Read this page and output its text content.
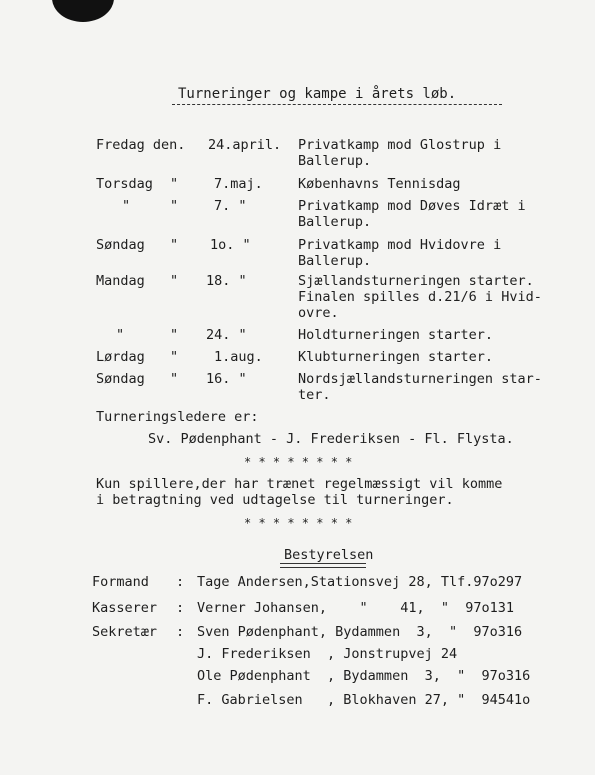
Turneringer og kampe i årets løb.
Fredag den. 24.april. Privatkamp mod Glostrup i
Ballerup.
Torsdag "	7.maj.	Københavns Tennisdag
"	"	7. "	Privatkamp mod Døves Idræt i
Ballerup.
Søndag " 1o. "	Privatkamp mod Hvidovre i
Ballerup.
Mandag " 18. "	Sjællandsturneringen starter.
Finalen spilles d.21/6 i Hvid-
ovre.
"	" 24. "	Holdturneringen starter.
Lørdag "	1.aug.	Klubturneringen starter.
Søndag " 16. "	Nordsjællandsturneringen star-
ter.
Turneringsledere er:
Sv. Pødenphant - J. Frederiksen - Fl. Flysta.
* * * * * * * *
Kun spillere,der har trænet regelmæssigt vil komme
i betragtning ved udtagelse til turneringer.
* * * * * * * *
Bestyrelsen
Formand : Tage Andersen,Stationsvej 28, Tlf.97o297
Kasserer : Verner Johansen,    "    41,  "  97o131
Sekretær : Sven Pødenphant, Bydammen  3,  "  97o316
J. Frederiksen  , Jonstrupvej 24
Ole Pødenphant  , Bydammen  3,  "  97o316
F. Gabrielsen   , Blokhaven 27, "  94541o
